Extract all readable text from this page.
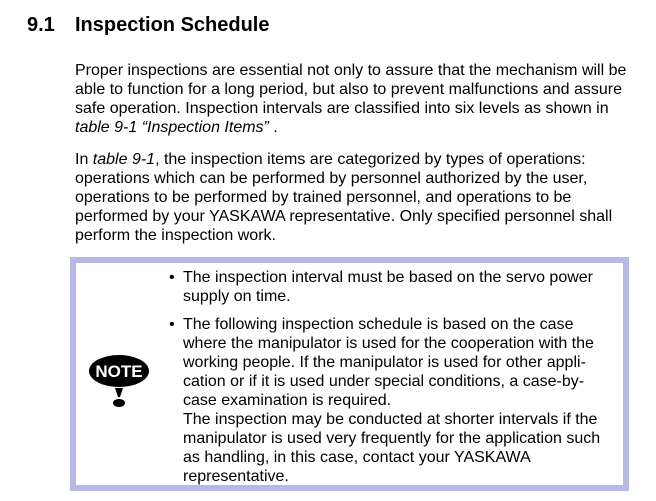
9.1 Inspection Schedule
Proper inspections are essential not only to assure that the mechanism will be able to function for a long period, but also to prevent malfunctions and assure safe operation. Inspection intervals are classified into six levels as shown in table 9-1 “Inspection Items” .
In table 9-1, the inspection items are categorized by types of operations: operations which can be performed by personnel authorized by the user, operations to be performed by trained personnel, and operations to be performed by your YASKAWA representative. Only specified personnel shall perform the inspection work.
NOTE
• The inspection interval must be based on the servo power supply on time.
• The following inspection schedule is based on the case where the manipulator is used for the cooperation with the working people. If the manipulator is used for other appli-cation or if it is used under special conditions, a case-by-case examination is required.
The inspection may be conducted at shorter intervals if the manipulator is used very frequently for the application such as handling, in this case, contact your YASKAWA representative.
